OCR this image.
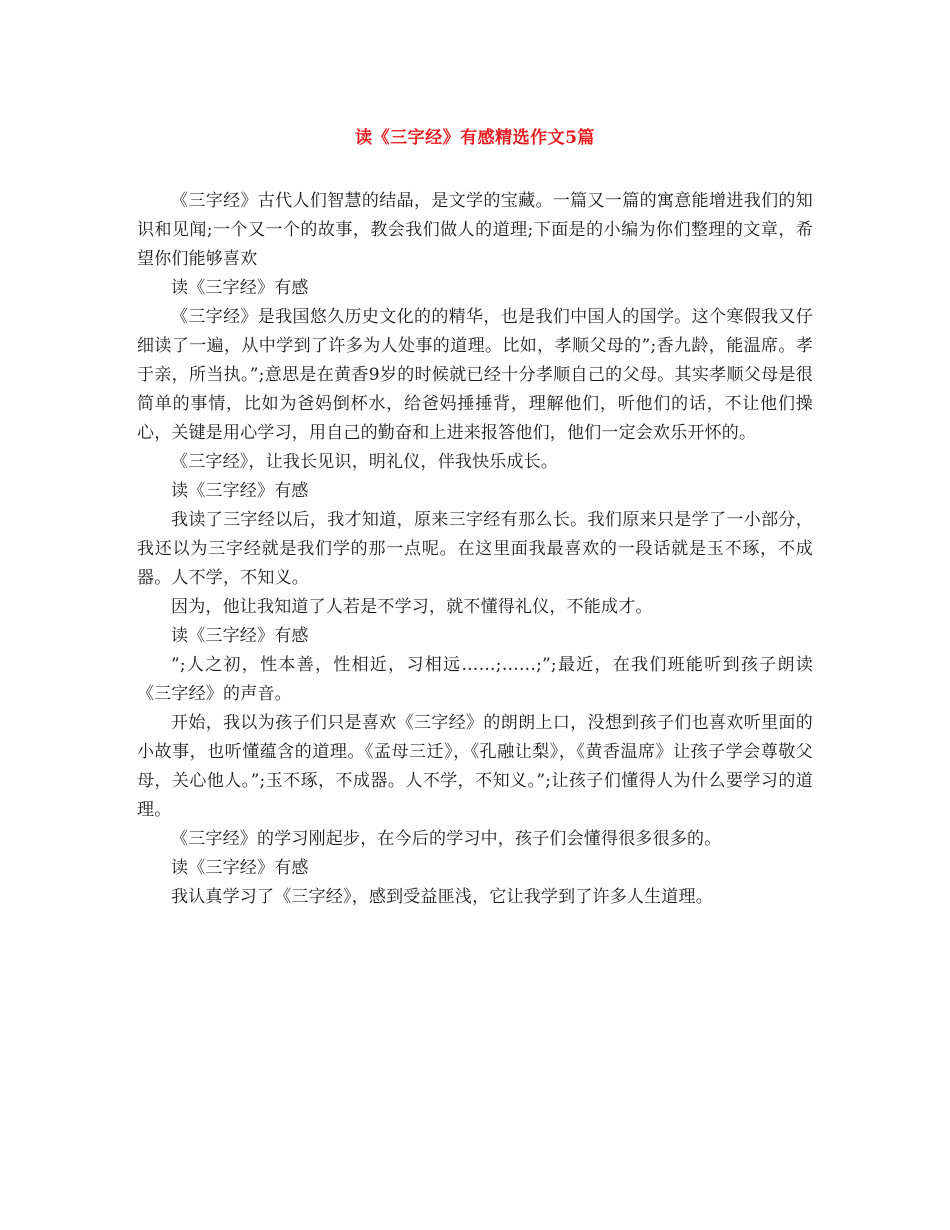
读《三字经》有感精选作文5篇

《三字经》古代人们智慧的结晶，是文学的宝藏。一篇又一篇的寓意能增进我们的知识和见闻;一个又一个的故事，教会我们做人的道理;下面是的小编为你们整理的文章，希望你们能够喜欢

读《三字经》有感

《三字经》是我国悠久历史文化的的精华，也是我们中国人的国学。这个寒假我又仔细读了一遍，从中学到了许多为人处事的道理。比如，孝顺父母的”;香九龄，能温席。孝于亲，所当执。”;意思是在黄香9岁的时候就已经十分孝顺自己的父母。其实孝顺父母是很简单的事情，比如为爸妈倒杯水，给爸妈捶捶背，理解他们，听他们的话，不让他们操心，关键是用心学习，用自己的勤奋和上进来报答他们，他们一定会欢乐开怀的。

《三字经》，让我长见识，明礼仪，伴我快乐成长。

读《三字经》有感

我读了三字经以后，我才知道，原来三字经有那么长。我们原来只是学了一小部分，我还以为三字经就是我们学的那一点呢。在这里面我最喜欢的一段话就是玉不琢，不成器。人不学，不知义。

因为，他让我知道了人若是不学习，就不懂得礼仪，不能成才。

读《三字经》有感

”;人之初，性本善，性相近，习相远……;……;”;最近，在我们班能听到孩子朗读《三字经》的声音。

开始，我以为孩子们只是喜欢《三字经》的朗朗上口，没想到孩子们也喜欢听里面的小故事，也听懂蕴含的道理。《孟母三迁》，《孔融让梨》，《黄香温席》让孩子学会尊敬父母，关心他人。”;玉不琢，不成器。人不学，不知义。”;让孩子们懂得人为什么要学习的道理。

《三字经》的学习刚起步，在今后的学习中，孩子们会懂得很多很多的。

读《三字经》有感

我认真学习了《三字经》，感到受益匪浅，它让我学到了许多人生道理。
